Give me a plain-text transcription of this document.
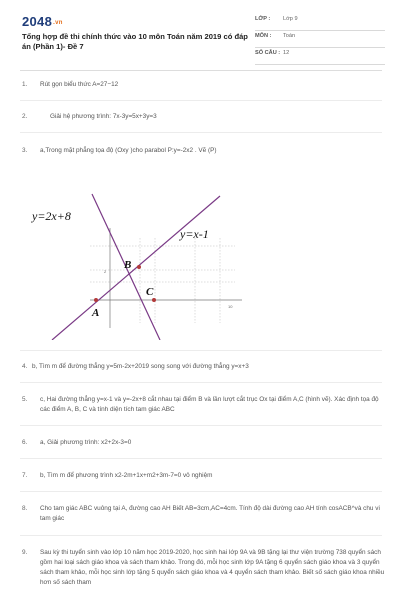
2048.vn
Tổng hợp đề thi chính thức vào 10 môn Toán năm 2019 có đáp án (Phần 1)- Đề 7
LỚP : Lớp 9
MÔN : Toán
SỐ CÂU : 12
1.	Rút gọn biểu thức A=27−12
2.	Giải hệ phương trình: 7x-3y=5x+3y=3
3.	a,Trong mặt phẳng tọa độ (Oxy )cho parabol P:y=-2x2 . Vẽ (P)
2
10
y=2x+8
y=x-1
A
B
C
4. b, Tìm m để đường thẳng y=5m-2x+2019 song song với đường thẳng y=x+3
5.	c, Hai đường thẳng y=x-1 và y=-2x+8 cắt nhau tại điểm B và lần lượt cắt trục Ox tại điểm A,C (hình vẽ). Xác định tọa độ các điểm A, B, C và tính diện tích tam giác ABC
6.	a, Giải phương trình: x2+2x-3=0
7.	b, Tìm m để phương trình x2-2m+1x+m2+3m-7=0 vô nghiệm
8.	Cho tam giác ABC vuông tại A, đường cao AH Biết AB=3cm,AC=4cm. Tính độ dài đường cao AH tính cosACB^và chu vi tam giác
9.	Sau kỳ thi tuyển sinh vào lớp 10 năm học 2019-2020, học sinh hai lớp 9A và 9B tặng lại thư viện trường 738 quyển sách gồm hai loại sách giáo khoa và sách tham khảo. Trong đó, mỗi học sinh lớp 9A tặng 6 quyển sách giáo khoa và 3 quyển sách tham khảo, mỗi học sinh lớp tặng 5 quyển sách giáo khoa và 4 quyển sách tham khảo. Biết số sách giáo khoa nhiều hơn số sách tham
